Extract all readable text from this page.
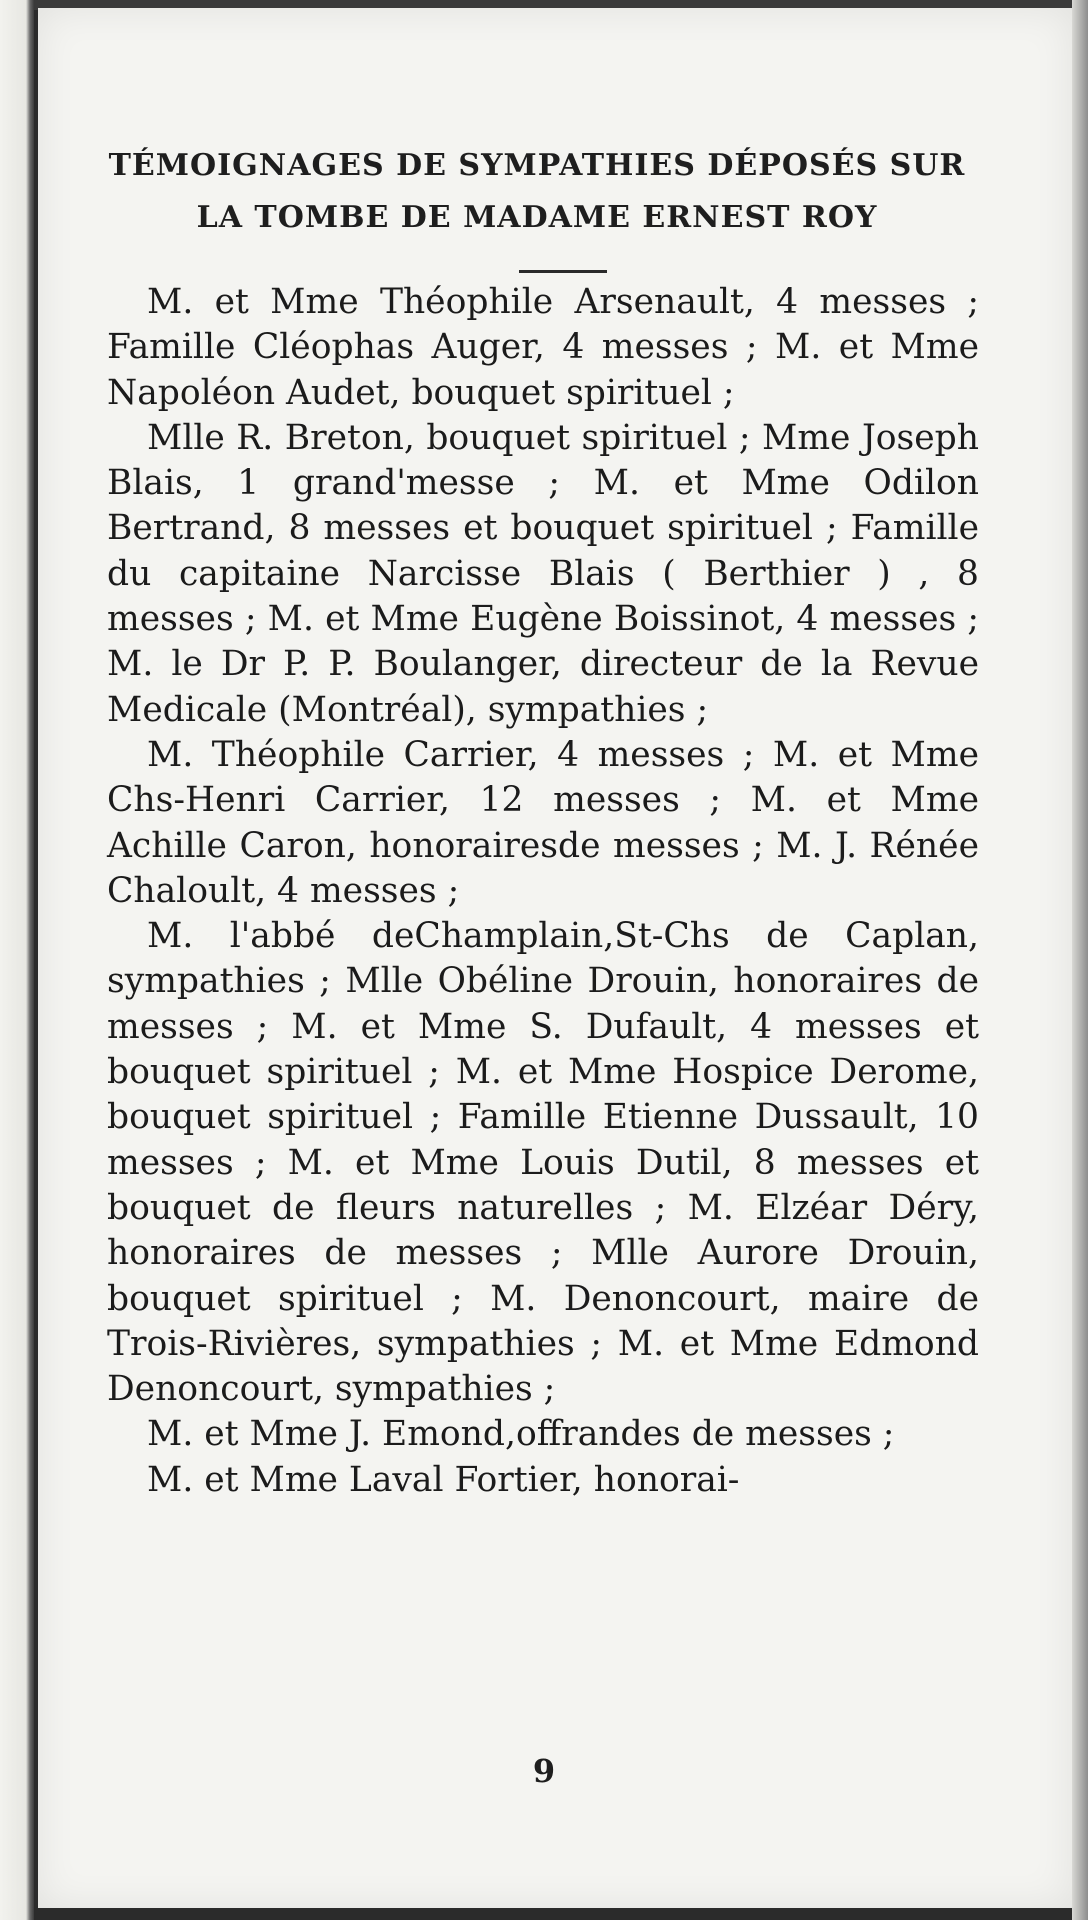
TÉMOIGNAGES DE SYMPATHIES DÉPOSÉS SUR
LA TOMBE DE MADAME ERNEST ROY

M. et Mme Théophile Arsenault, 4 messes ; Famille Cléophas Auger, 4 messes ; M. et Mme Napoléon Audet, bouquet spirituel ;

Mlle R. Breton, bouquet spirituel ; Mme Joseph Blais, 1 grand'messe ; M. et Mme Odilon Bertrand, 8 messes et bouquet spirituel ; Famille du capitaine Narcisse Blais ( Berthier ) , 8 messes ; M. et Mme Eugène Boissinot, 4 messes ; M. le Dr P. P. Boulanger, directeur de la Revue Medicale (Montréal), sympathies ;

M. Théophile Carrier, 4 messes ; M. et Mme Chs-Henri Carrier, 12 messes ; M. et Mme Achille Caron, honorairesde messes ; M. J. Rénée Chaloult, 4 messes ;

M. l'abbé deChamplain,St-Chs de Caplan, sympathies ; Mlle Obéline Drouin, honoraires de messes ; M. et Mme S. Dufault, 4 messes et bouquet spirituel ; M. et Mme Hospice Derome, bouquet spirituel ; Famille Etienne Dussault, 10 messes ; M. et Mme Louis Dutil, 8 messes et bouquet de fleurs naturelles ; M. Elzéar Déry, honoraires de messes ; Mlle Aurore Drouin, bouquet spirituel ; M. Denoncourt, maire de Trois-Rivières, sympathies ; M. et Mme Edmond Denoncourt, sympathies ;

M. et Mme J. Emond,offrandes de messes ;

M. et Mme Laval Fortier, honorai-

9
